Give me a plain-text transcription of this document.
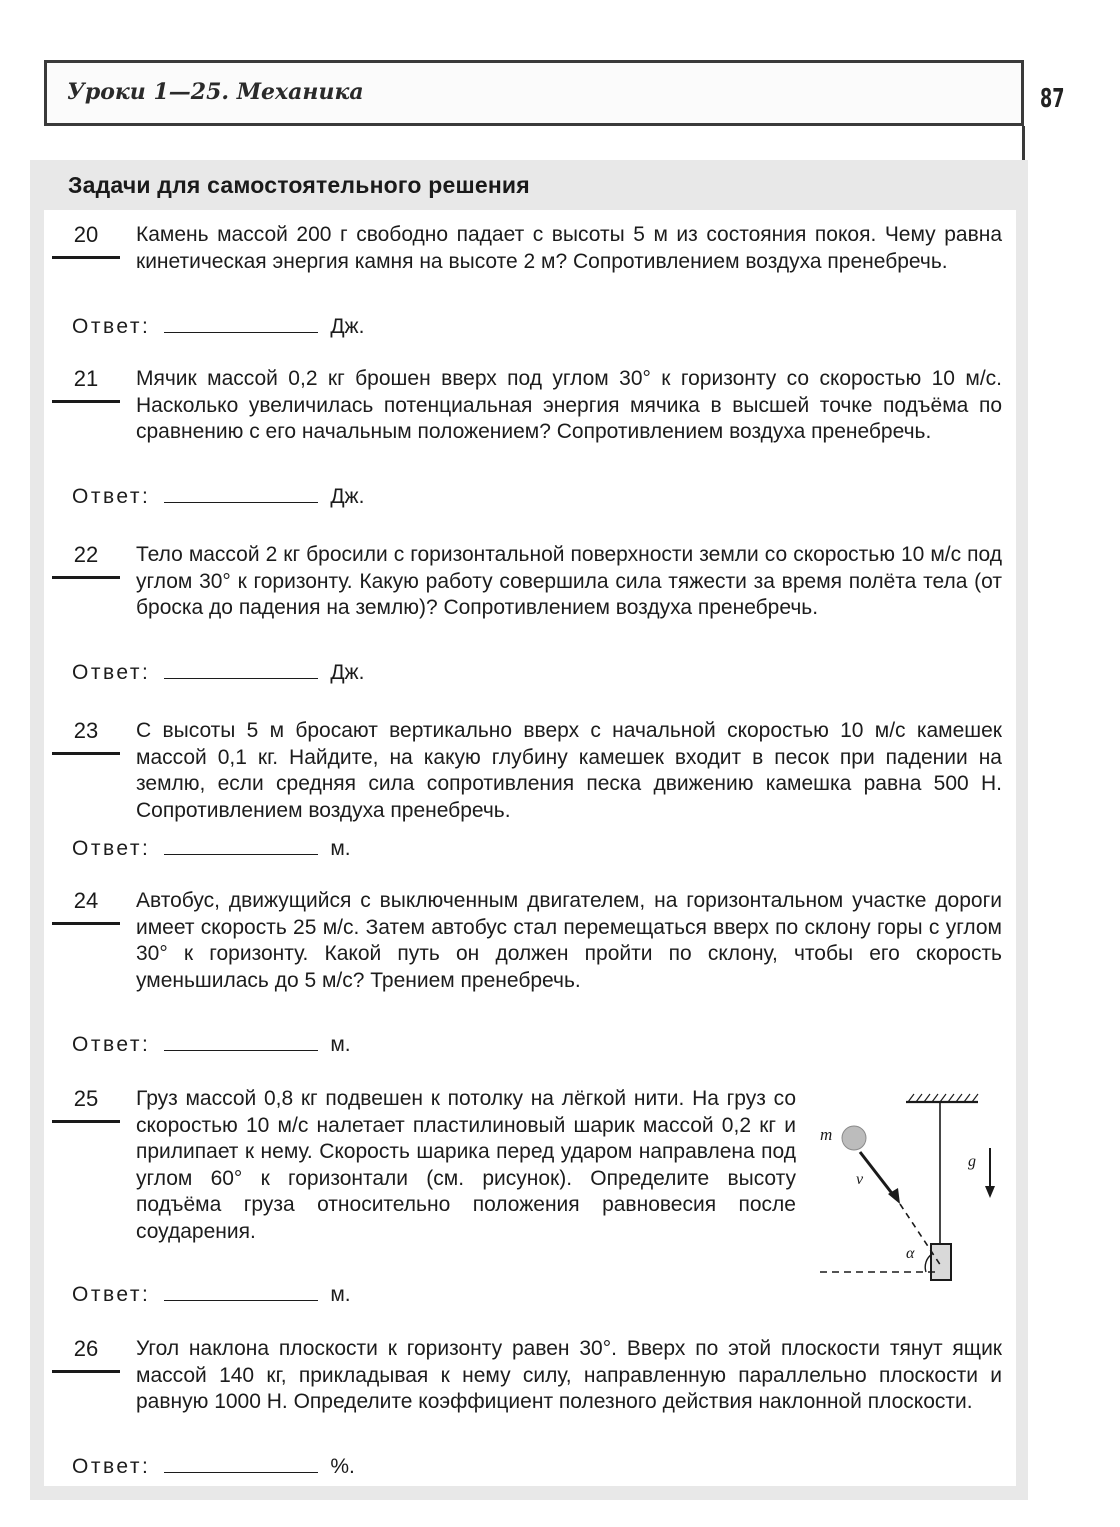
Уроки 1—25. Механика	87
Задачи для самостоятельного решения
20	Камень массой 200 г свободно падает с высоты 5 м из состояния покоя. Чему равна кинетическая энергия камня на высоте 2 м? Сопротивлением воздуха пренебречь.
Ответ:	Дж.
21	Мячик массой 0,2 кг брошен вверх под углом 30° к горизонту со скоростью 10 м/с. Насколько увеличилась потенциальная энергия мячика в высшей точке подъёма по сравнению с его начальным положением? Сопротивлением воздуха пренебречь.
Ответ:	Дж.
22	Тело массой 2 кг бросили с горизонтальной поверхности земли со скоростью 10 м/с под углом 30° к горизонту. Какую работу совершила сила тяжести за время полёта тела (от броска до падения на землю)? Сопротивлением воздуха пренебречь.
Ответ:	Дж.
23	С высоты 5 м бросают вертикально вверх с начальной скоростью 10 м/с камешек массой 0,1 кг. Найдите, на какую глубину камешек входит в песок при падении на землю, если средняя сила сопротивления песка движению камешка равна 500 Н. Сопротивлением воздуха пренебречь.
Ответ:	м.
24	Автобус, движущийся с выключенным двигателем, на горизонтальном участке дороги имеет скорость 25 м/с. Затем автобус стал перемещаться вверх по склону горы с углом 30° к горизонту. Какой путь он должен пройти по склону, чтобы его скорость уменьшилась до 5 м/с? Трением пренебречь.
Ответ:	м.
25	Груз массой 0,8 кг подвешен к потолку на лёгкой нити. На груз со скоростью 10 м/с налетает пластилиновый шарик массой 0,2 кг и прилипает к нему. Скорость шарика перед ударом направлена под углом 60° к горизонтали (см. рисунок). Определите высоту подъёма груза относительно положения равновесия после соударения.
Ответ:	м.
m
v⃗
g⃗
α
26	Угол наклона плоскости к горизонту равен 30°. Вверх по этой плоскости тянут ящик массой 140 кг, прикладывая к нему силу, направленную параллельно плоскости и равную 1000 Н. Определите коэффициент полезного действия наклонной плоскости.
Ответ:	%.
